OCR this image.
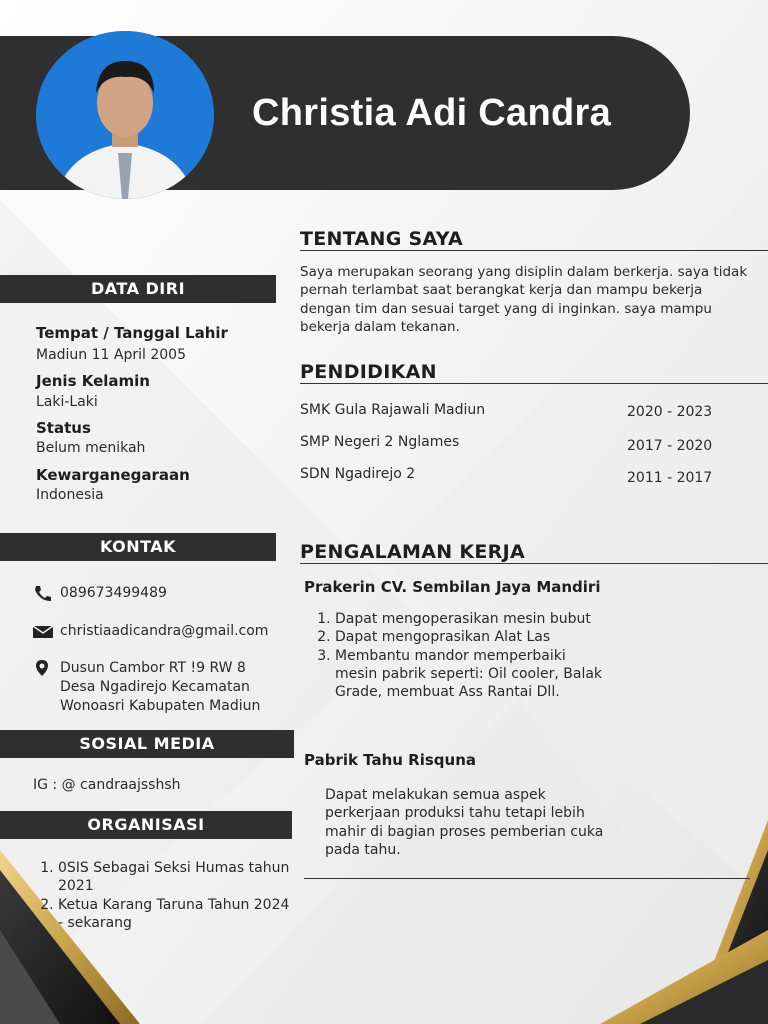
Christia Adi Candra
DATA DIRI
Tempat / Tanggal Lahir
Madiun 11 April 2005
Jenis Kelamin
Laki-Laki
Status
Belum menikah
Kewarganegaraan
Indonesia
KONTAK
089673499489
christiaadicandra@gmail.com
Dusun Cambor RT !9 RW 8 Desa Ngadirejo Kecamatan Wonoasri Kabupaten Madiun
SOSIAL MEDIA
IG : @ candraajsshsh
ORGANISASI
1. 0SIS Sebagai Seksi Humas tahun 2021
2. Ketua Karang Taruna Tahun 2024 - sekarang
TENTANG SAYA
Saya merupakan seorang yang disiplin dalam berkerja. saya tidak pernah terlambat saat berangkat kerja dan mampu bekerja dengan tim dan sesuai target yang di inginkan. saya mampu bekerja dalam tekanan.
PENDIDIKAN
SMK Gula Rajawali Madiun	2020 - 2023
SMP Negeri 2 Nglames	2017 - 2020
SDN Ngadirejo 2	2011 - 2017
PENGALAMAN KERJA
Prakerin CV. Sembilan Jaya Mandiri
1. Dapat mengoperasikan mesin bubut
2. Dapat mengoprasikan Alat Las
3. Membantu mandor memperbaiki mesin pabrik seperti: Oil cooler, Balak Grade, membuat Ass Rantai Dll.
Pabrik Tahu Risquna
Dapat melakukan semua aspek perkerjaan produksi tahu tetapi lebih mahir di bagian proses pemberian cuka pada tahu.
